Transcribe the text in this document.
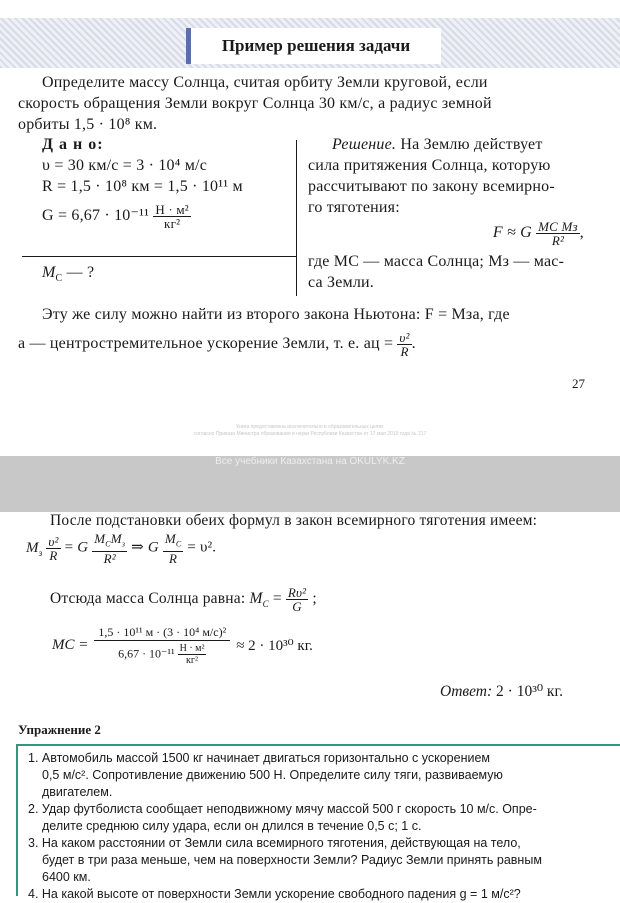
Пример решения задачи
Определите массу Солнца, считая орбиту Земли круговой, если
скорость обращения Земли вокруг Солнца 30 км/с, а радиус земной
орбиты 1,5 · 10⁸ км.
Д а н о:
υ = 30 км/с = 3 · 10⁴ м/с
R = 1,5 · 10⁸ км = 1,5 · 10¹¹ м
$G = 6,67 \cdot 10^{-11} \frac{\text{Н · м²}}{\text{кг²}}$
$M_С$ — ?
Решение. На Землю действует
сила притяжения Солнца, которую
рассчитывают по закону всемирно-
го тяготения:
F ≈ G $\frac{\text{MС Mз}}{\text{R²}}$ ,
где MС — масса Солнца; Mз — мас-
са Земли.
Эту же силу можно найти из второго закона Ньютона: F = Mзa, где
a — центростремительное ускорение Земли, т. е. aц = $\frac{\text{υ²}}{R}$ .
27
Книга предоставлена исключительно в образовательных целях
согласно Приказа Министра образования и науки Республики Казахстан от 17 мая 2019 года № 217
Все учебники Казахстана на OKULYK.KZ
После подстановки обеих формул в закон всемирного тяготения имеем:
$M_з \frac{\text{υ²}}{R} = G \frac{M_СM_з}{\text{R²}}$ ⇒ G $\frac{M_С}{R} = \upsilon^2$.
Отсюда масса Солнца равна: $M_С = \frac{\text{Rυ²}}{G}$ ;
MС = $\frac{\text{1,5 · 10¹¹ м · (3 · 10⁴ м/с)²}}{6,67 \cdot 10^{-11} \frac{\text{Н · м²}}{\text{кг²}}} \approx 2 \cdot 10^{30}$ кг.
Ответ: 2 · 10³⁰ кг.
Упражнение 2
1. Автомобиль массой 1500 кг начинает двигаться горизонтально с ускорением
0,5 м/с². Сопротивление движению 500 Н. Определите силу тяги, развиваемую
двигателем.
2. Удар футболиста сообщает неподвижному мячу массой 500 г скорость 10 м/с. Опре-
делите среднюю силу удара, если он длился в течение 0,5 с; 1 с.
3. На каком расстоянии от Земли сила всемирного тяготения, действующая на тело,
будет в три раза меньше, чем на поверхности Земли? Радиус Земли принять равным
6400 км.
4. На какой высоте от поверхности Земли ускорение свободного падения g = 1 м/с²?
